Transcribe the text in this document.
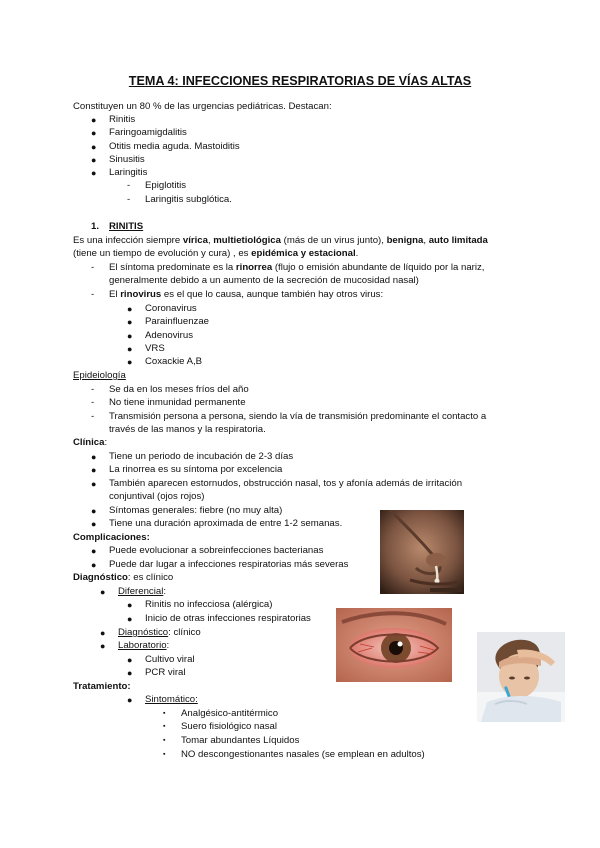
TEMA 4: INFECCIONES RESPIRATORIAS DE VÍAS ALTAS
Constituyen un 80 % de las urgencias pediátricas. Destacan:
● Rinitis
● Faringoamigdalitis
● Otitis media aguda. Mastoiditis
● Sinusitis
● Laringitis
- Epiglotitis
- Laringitis subglótica.
1. RINITIS
Es una infección siempre vírica, multietiológica (más de un virus junto), benigna, auto limitada
(tiene un tiempo de evolución y cura) , es epidémica y estacional.
- El síntoma predominate es la rinorrea (flujo o emisión abundante de líquido por la nariz,
generalmente debido a un aumento de la secreción de mucosidad nasal)
- El rinovirus es el que lo causa, aunque también hay otros virus:
● Coronavirus
● Parainfluenzae
● Adenovirus
● VRS
● Coxackie A,B
Epideiología
- Se da en los meses fríos del año
- No tiene inmunidad permanente
- Transmisión persona a persona, siendo la vía de transmisión predominante el contacto a
través de las manos y la respiratoria.
Clínica:
● Tiene un periodo de incubación de 2-3 días
● La rinorrea es su síntoma por excelencia
● También aparecen estornudos, obstrucción nasal, tos y afonía además de irritación
conjuntival (ojos rojos)
● Síntomas generales: fiebre (no muy alta)
● Tiene una duración aproximada de entre 1-2 semanas.
Complicaciones:
● Puede evolucionar a sobreinfecciones bacterianas
● Puede dar lugar a infecciones respiratorias más severas
Diagnóstico: es clínico
● Diferencial:
● Rinitis no infecciosa (alérgica)
● Inicio de otras infecciones respiratorias
● Diagnóstico: clínico
● Laboratorio:
● Cultivo viral
● PCR viral
Tratamiento:
● Sintomático:
▪ Analgésico-antitérmico
▪ Suero fisiológico nasal
▪ Tomar abundantes Líquidos
▪ NO descongestionantes nasales (se emplean en adultos)
